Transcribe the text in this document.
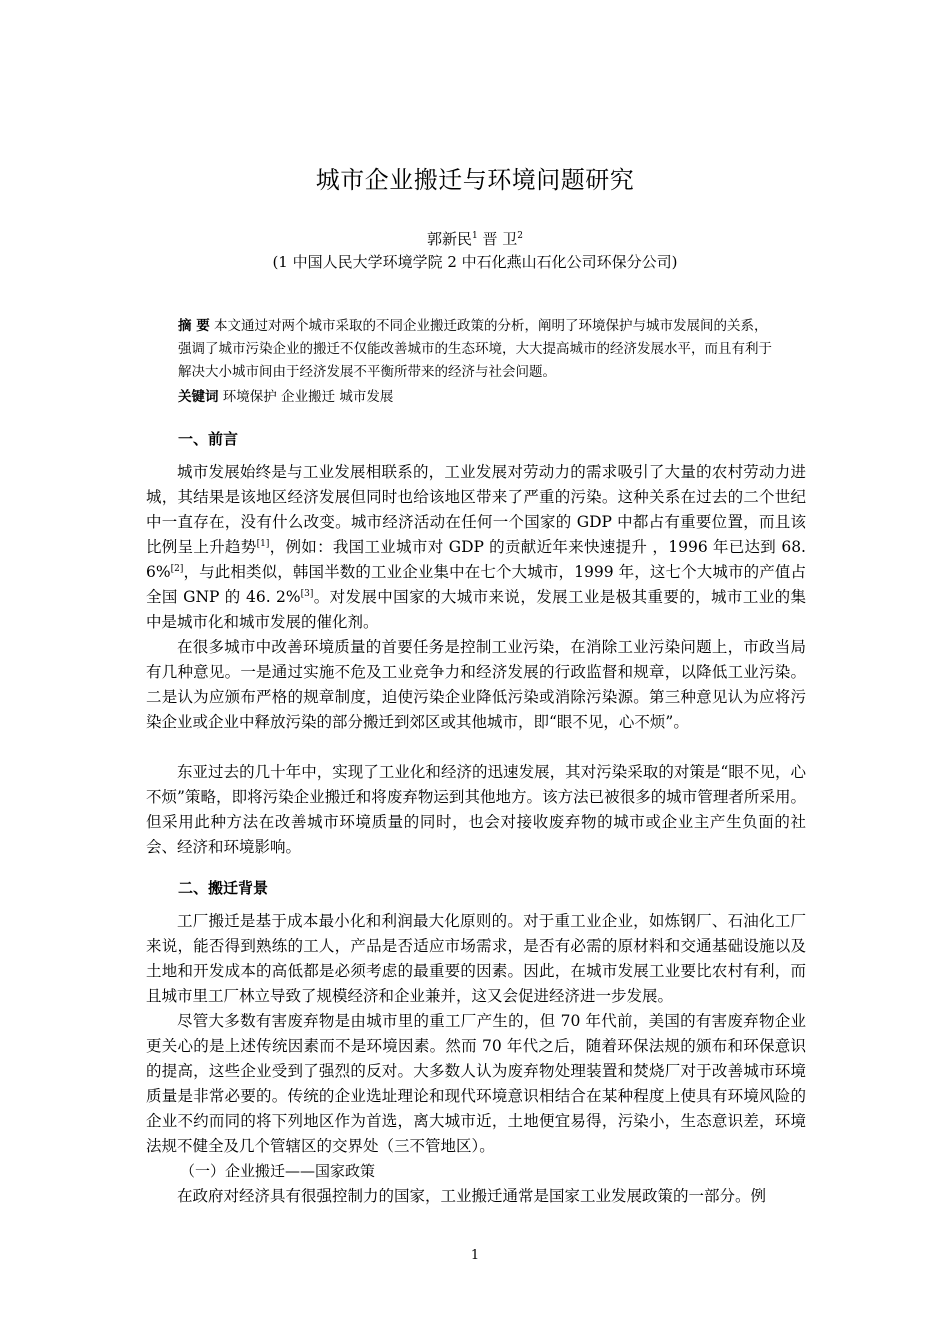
城市企业搬迁与环境问题研究
郭新民$^1$ 晋 卫$^2$
(1 中国人民大学环境学院 2 中石化燕山石化公司环保分公司)
摘 要 本文通过对两个城市采取的不同企业搬迁政策的分析，阐明了环境保护与城市发展间的关系，强调了城市污染企业的搬迁不仅能改善城市的生态环境，大大提高城市的经济发展水平，而且有利于解决大小城市间由于经济发展不平衡所带来的经济与社会问题。
关键词 环境保护 企业搬迁 城市发展
一、前言

城市发展始终是与工业发展相联系的，工业发展对劳动力的需求吸引了大量的农村劳动力进城，其结果是该地区经济发展但同时也给该地区带来了严重的污染。这种关系在过去的二个世纪中一直存在，没有什么改变。城市经济活动在任何一个国家的 GDP 中都占有重要位置，而且该比例呈上升趋势[1]，例如：我国工业城市对 GDP 的贡献近年来快速提升 ，1996 年已达到 68. 6%[2]，与此相类似，韩国半数的工业企业集中在七个大城市，1999 年，这七个大城市的产值占全国 GNP 的 46. 2%[3]。对发展中国家的大城市来说，发展工业是极其重要的，城市工业的集中是城市化和城市发展的催化剂。

在很多城市中改善环境质量的首要任务是控制工业污染，在消除工业污染问题上，市政当局有几种意见。一是通过实施不危及工业竞争力和经济发展的行政监督和规章，以降低工业污染。二是认为应颁布严格的规章制度，迫使污染企业降低污染或消除污染源。第三种意见认为应将污染企业或企业中释放污染的部分搬迁到郊区或其他城市，即“眼不见，心不烦”。

东亚过去的几十年中，实现了工业化和经济的迅速发展，其对污染采取的对策是“眼不见，心不烦”策略，即将污染企业搬迁和将废弃物运到其他地方。该方法已被很多的城市管理者所采用。但采用此种方法在改善城市环境质量的同时，也会对接收废弃物的城市或企业主产生负面的社会、经济和环境影响。

二、搬迁背景

工厂搬迁是基于成本最小化和利润最大化原则的。对于重工业企业，如炼钢厂、石油化工厂来说，能否得到熟练的工人，产品是否适应市场需求，是否有必需的原材料和交通基础设施以及土地和开发成本的高低都是必须考虑的最重要的因素。因此，在城市发展工业要比农村有利，而且城市里工厂林立导致了规模经济和企业兼并，这又会促进经济进一步发展。

尽管大多数有害废弃物是由城市里的重工厂产生的，但 70 年代前，美国的有害废弃物企业更关心的是上述传统因素而不是环境因素。然而 70 年代之后，随着环保法规的颁布和环保意识的提高，这些企业受到了强烈的反对。大多数人认为废弃物处理装置和焚烧厂对于改善城市环境质量是非常必要的。传统的企业选址理论和现代环境意识相结合在某种程度上使具有环境风险的企业不约而同的将下列地区作为首选，离大城市近，土地便宜易得，污染小，生态意识差，环境法规不健全及几个管辖区的交界处（三不管地区）。

（一）企业搬迁——国家政策

在政府对经济具有很强控制力的国家，工业搬迁通常是国家工业发展政策的一部分。例

1
